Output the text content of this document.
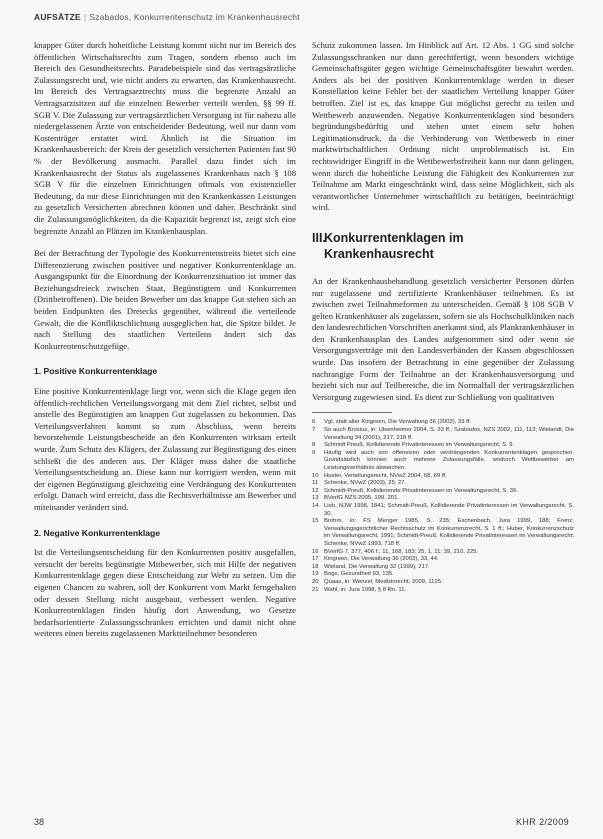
AUFSÄTZE | Szabados, Konkurrentenschutz im Krankenhausrecht

knapper Güter durch hoheitliche Leistung kommt nicht nur im Bereich des öffentlichen Wirtschaftsrechts zum Tragen, sondern ebenso auch im Bereich des Gesundheitsrechts. Paradebeispiele sind das vertragsärztliche Zulassungsrecht und, wie nicht anders zu erwarten, das Krankenhausrecht. Im Bereich des Vertragsarztrechts muss die begrenzte Anzahl an Vertragsarztsitzen auf die einzelnen Bewerber verteilt werden, §§ 99 ff. SGB V. Die Zulassung zur vertragsärztlichen Versorgung ist für nahezu alle niedergelassenen Ärzte von entscheidender Bedeutung, weil nur dann vom Kostenträger erstattet wird. Ähnlich ist die Situation im Krankenhausbereich: der Kreis der gesetzlich versicherten Patienten fast 90 % der Bevölkerung ausmacht. Parallel dazu findet sich im Krankenhausrecht der Status als zugelassenes Krankenhaus nach § 108 SGB V für die einzelnen Einrichtungen oftmals von existenzieller Bedeutung, da nur diese Einrichtungen mit den Krankenkassen Leistungen zu gesetzlich Versicherten abrechnen können und daher. Beschränkt sind die Zulassungsmöglichkeiten, da die Kapazität begrenzt ist, zeigt sich eine begrenzte Anzahl an Plätzen im Krankenhausplan.

Bei der Betrachtung der Typologie des Konkurrentenstreits bietet sich eine Differenzierung zwischen positiver und negativer Konkurrentenklage an. Ausgangspunkt für die Einordnung der Konkurrenzsituation ist immer das Beziehungsdreieck zwischen Staat, Begünstigtem und Konkurrenten (Drittbetroffenen). Die beiden Bewerber um das knappe Gut stehen sich an beiden Endpunkten des Dreiecks gegenüber, während die verteilende Gewalt, die die Konfliktschlichtung ausgeglichen hat, die Spitze bildet. Je nach Stellung des staatlichen Verteilens ändert sich das Konkurrentenschutzgefüge.

1. Positive Konkurrentenklage

Eine positive Konkurrentenklage liegt vor, wenn sich die Klage gegen den öffentlich-rechtlichen Verteilungsvorgang mit dem Ziel richtet, selbst und anstelle des Begünstigten am knappen Gut zugelassen zu bekommen. Das Verteilungsverfahren kommt so zum Abschluss, wenn bereits bevorstehende Leistungsbescheide an den Konkurrenten wirksam erteilt wurde. Zum Schutz des Klägers, der Zulassung zur Begünstigung des einen schließt die des anderen aus. Der Kläger muss daher die staatliche Verteilungsentscheidung an. Diese kann nur korrigiert werden, wenn mit der eigenen Begünstigung gleichzeitig eine Verdrängung des Konkurrenten erfolgt. Danach wird erreicht, dass die Rechtsverhältnisse am Bewerber und miteinander verändert sind.

2. Negative Konkurrentenklage

Ist die Verteilungsentscheidung für den Konkurrenten positiv ausgefallen, versucht der bereits begünstigte Mitbewerber, sich mit Hilfe der negativen Konkurrentenklage gegen diese Entscheidung zur Wehr zu setzen. Um die eigenen Chancen zu wahren, soll der Konkurrent vom Markt ferngehalten oder dessen Stellung nicht ausgebaut, verbessert werden. Negative Konkurrentenklagen finden häufig dort Anwendung, wo Gesetze bedarfsorientierte Zulassungsschranken errichten und damit nicht ohne weiteres einen bereits zugelassenen Marktteilnehmer besonderen

Schutz zukommen lassen. Im Hinblick auf Art. 12 Abs. 1 GG sind solche Zulassungsschranken nur dann gerechtfertigt, wenn besonders wichtige Gemeinschaftsgüter gegen wichtige Gemeinschaftsgüter bewahrt werden. Anders als bei der positiven Konkurrentenklage werden in dieser Konstellation keine Fehler bei der staatlichen Verteilung knapper Güter betroffen. Ziel ist es, das knappe Gut möglichst gerecht zu teilen und Wettbewerb anzuwenden. Negative Konkurrentenklagen sind besonders begründungsbedürftig und stehen unter einem sehr hohen Legitimationsdruck, da die Verhinderung von Wettbewerb in einer marktwirtschaftlichen Ordnung nicht unproblematisch ist. Ein rechtswidriger Eingriff in die Wettbewerbsfreiheit kann nur dann gelingen, wenn durch die hoheitliche Leistung die Fähigkeit des Konkurrenten zur Teilnahme am Markt eingeschränkt wird, dass seine Möglichkeit, sich als verantwortlicher Unternehmer wirtschaftlich zu betätigen, beeinträchtigt wird.

III.Konkurrentenklagen im
Krankenhausrecht

An der Krankenhausbehandlung gesetzlich versicherter Personen dürfen nur zugelassene und zertifizierte Krankenhäuser teilnehmen. Es ist zwischen zwei Teilnahmeformen zu unterscheiden. Gemäß § 108 SGB V gelten Krankenhäuser als zugelassen, sofern sie als Hochschulkliniken nach den landesrechtlichen Vorschriften anerkannt sind, als Plankrankenhäuser in den Krankenhausplan des Landes aufgenommen sind oder wenn sie Versorgungsverträge mit den Landesverbänden der Kassen abgeschlossen wurde. Das insofern der Betrachtung in eine gegenüber der Zulassung nachrangige Form der Teilnahme an der Krankenhausversorgung und bezieht sich nur auf Teilbereiche, die im Normalfall der vertragsärztlichen Versorgung zugewiesen sind. Es dient zur Schließung von qualitativen

6	Vgl. statt aller Kingreen, Die Verwaltung 36 (2003), 33 ff.
7	So auch Brosius, in: Ulsenheimer 2004, S. 33 ff.; Szabados, NZS 2002, 111, 113; Wielandt, Die Verwaltung 34 (2001), 217, 218 ff.
8	Schmidt Preuß, Kollidierende Privatinteressen im Verwaltungsrecht, S. 9.
9	Häufig wird auch von offensiven oder verdrängenden Konkurrentenklagen gesprochen. Grundsätzlich können auch mehrere Zulassungsfälle, wodurch Wettbewerber am Leistungsverhältnis abweichen.
10 Huster, Verteilungsrecht, NVwZ 2004, 68, 69 ff.
11 Schenke, NVwZ (2003), 25, 27.
12 Schmidt-Preuß, Kollidierende Privatinteressen im Verwaltungsrecht, S. 39.
13 BVerfG NZS 2005, 199, 201.
14 Lieb, NJW 1998, 1841; Schmidt-Preuß, Kollidierende Privatinteressen im Verwaltungsrecht, S. 30.
15 Brohm, in: FS Menger 1985, S. 235; Eschenbach, Jura 1999, 188; Frenz, Verwaltungsgerichtlicher Rechtsschutz im Konkurrenzrecht, S. 1 ff.; Huber, Konkurrenzschutz im Verwaltungsrecht, 1991; Schmidt-Preuß, Kollidierende Privatinteressen im Verwaltungsrecht; Schenke, NVwZ 1993, 718 ff.
16 BVerfG 7, 377, 406 f.; 11, 168, 183; 25, 1, 11; 39, 210, 225.
17 Kingreen, Die Verwaltung 36 (2003), 33, 44.
18 Wieland, Die Verwaltung 32 (1999), 217.
19 Bogs, Gesundheit 93, 135.
20 Quaas, in: Wenzel, Medizinrecht, 2009, 1125.
21 Wahl, in: Jura 1998, § 8 Rn. 11.
38	KHR 2/2009
